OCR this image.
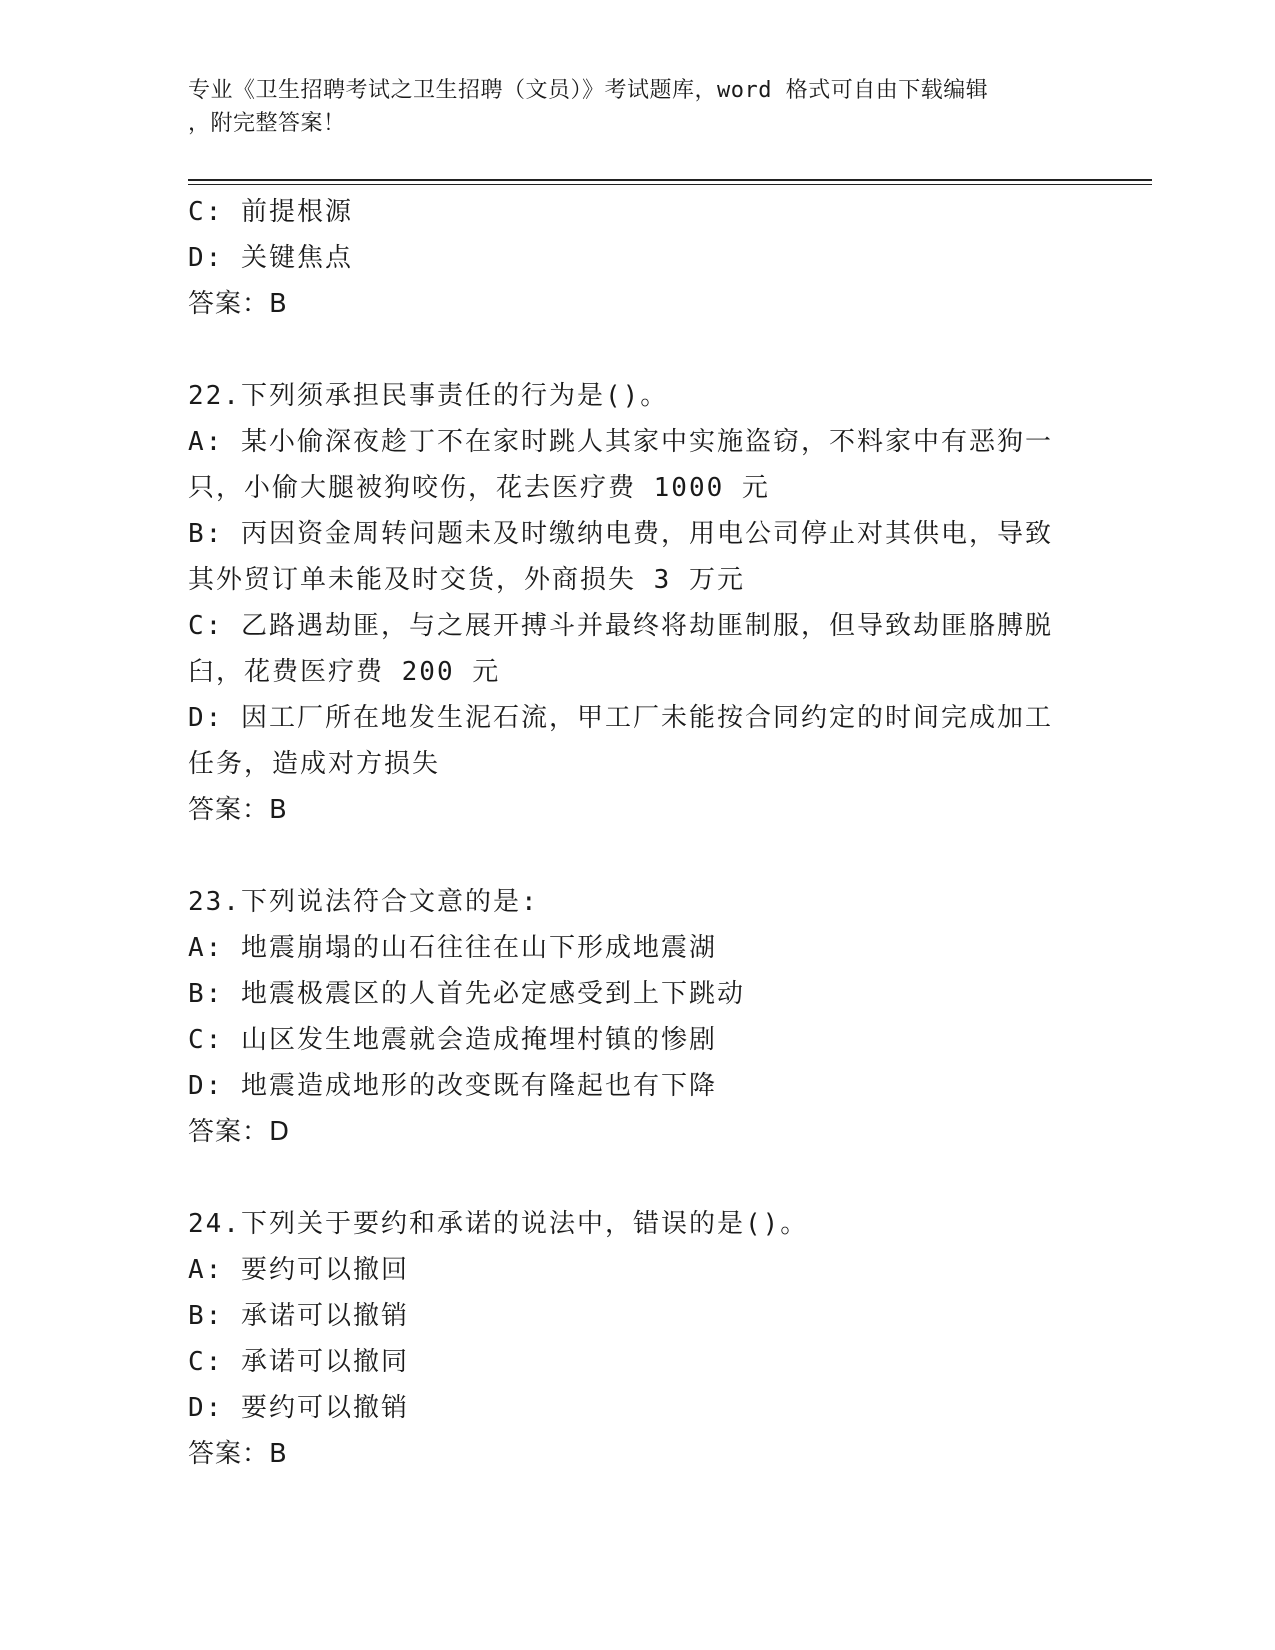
专业《卫生招聘考试之卫生招聘（文员）》考试题库，word 格式可自由下载编辑
，附完整答案！
C: 前提根源
D: 关键焦点
答案：B
22.下列须承担民事责任的行为是()。
A: 某小偷深夜趁丁不在家时跳人其家中实施盗窃，不料家中有恶狗一
只，小偷大腿被狗咬伤，花去医疗费 1000 元
B: 丙因资金周转问题未及时缴纳电费，用电公司停止对其供电，导致
其外贸订单未能及时交货，外商损失 3 万元
C: 乙路遇劫匪，与之展开搏斗并最终将劫匪制服，但导致劫匪胳膊脱
臼，花费医疗费 200 元
D: 因工厂所在地发生泥石流，甲工厂未能按合同约定的时间完成加工
任务，造成对方损失
答案：B
23.下列说法符合文意的是:
A: 地震崩塌的山石往往在山下形成地震湖
B: 地震极震区的人首先必定感受到上下跳动
C: 山区发生地震就会造成掩埋村镇的惨剧
D: 地震造成地形的改变既有隆起也有下降
答案：D
24.下列关于要约和承诺的说法中，错误的是()。
A: 要约可以撤回
B: 承诺可以撤销
C: 承诺可以撤同
D: 要约可以撤销
答案：B
